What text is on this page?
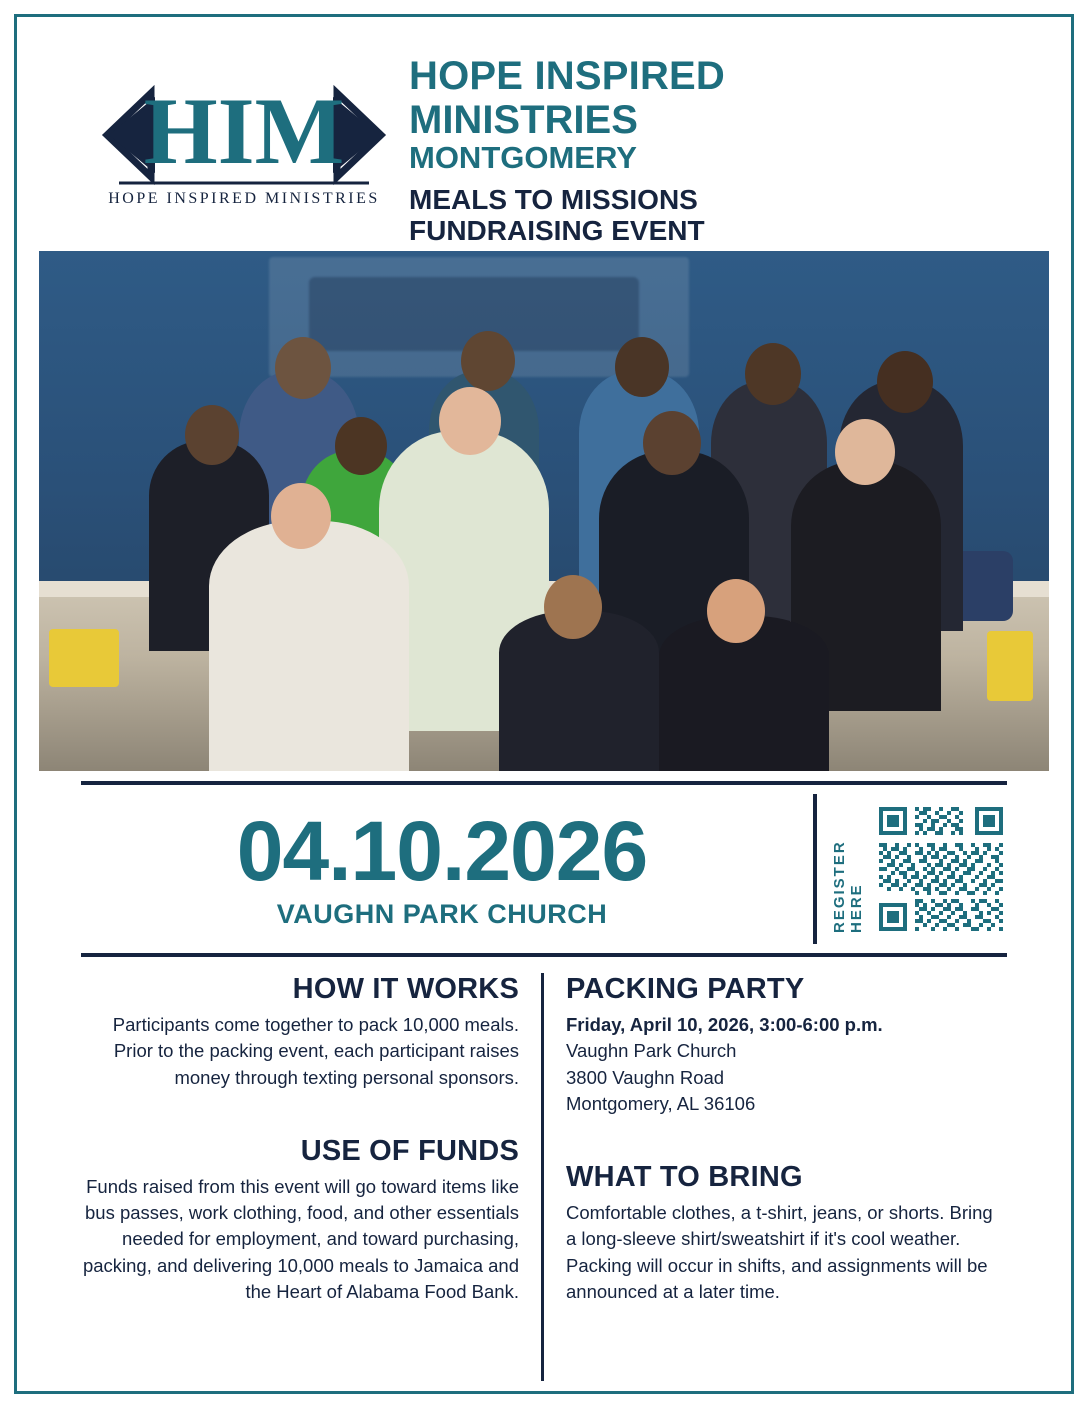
HIM
HOPE INSPIRED MINISTRIES
HOPE INSPIRED
MINISTRIES
MONTGOMERY
MEALS TO MISSIONS
FUNDRAISING EVENT
04.10.2026
VAUGHN PARK CHURCH	REGISTER HERE
HOW IT WORKS
Participants come together to pack 10,000 meals. Prior to the packing event, each participant raises money through texting personal sponsors.
USE OF FUNDS
Funds raised from this event will go toward items like bus passes, work clothing, food, and other essentials needed for employment, and toward purchasing, packing, and delivering 10,000 meals to Jamaica and the Heart of Alabama Food Bank.
PACKING PARTY
Friday, April 10, 2026, 3:00-6:00 p.m.
Vaughn Park Church
3800 Vaughn Road
Montgomery, AL 36106
WHAT TO BRING
Comfortable clothes, a t-shirt, jeans, or shorts. Bring a long-sleeve shirt/sweatshirt if it's cool weather. Packing will occur in shifts, and assignments will be announced at a later time.
